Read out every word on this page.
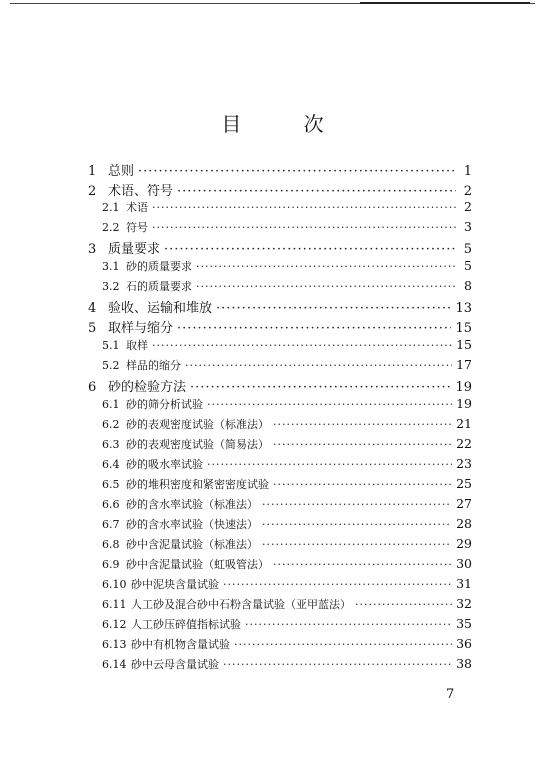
目 次
1 总则 ·····	1
2 术语、符号 ·····	2
2.1 术语 ·····	2
2.2 符号 ·····	3
3 质量要求 ·····	5
3.1 砂的质量要求 ·····	5
3.2 石的质量要求 ·····	8
4 验收、运输和堆放 ·····	13
5 取样与缩分 ·····	15
5.1 取样 ·····	15
5.2 样品的缩分 ·····	17
6 砂的检验方法 ·····	19
6.1 砂的筛分析试验 ·····	19
6.2 砂的表观密度试验（标准法） ·····	21
6.3 砂的表观密度试验（简易法） ·····	22
6.4 砂的吸水率试验 ·····	23
6.5 砂的堆积密度和紧密密度试验 ·····	25
6.6 砂的含水率试验（标准法） ·····	27
6.7 砂的含水率试验（快速法） ·····	28
6.8 砂中含泥量试验（标准法） ·····	29
6.9 砂中含泥量试验（虹吸管法） ·····	30
6.10 砂中泥块含量试验 ·····	31
6.11 人工砂及混合砂中石粉含量试验（亚甲蓝法） ·····	32
6.12 人工砂压碎值指标试验 ·····	35
6.13 砂中有机物含量试验 ·····	36
6.14 砂中云母含量试验 ·····	38
7
